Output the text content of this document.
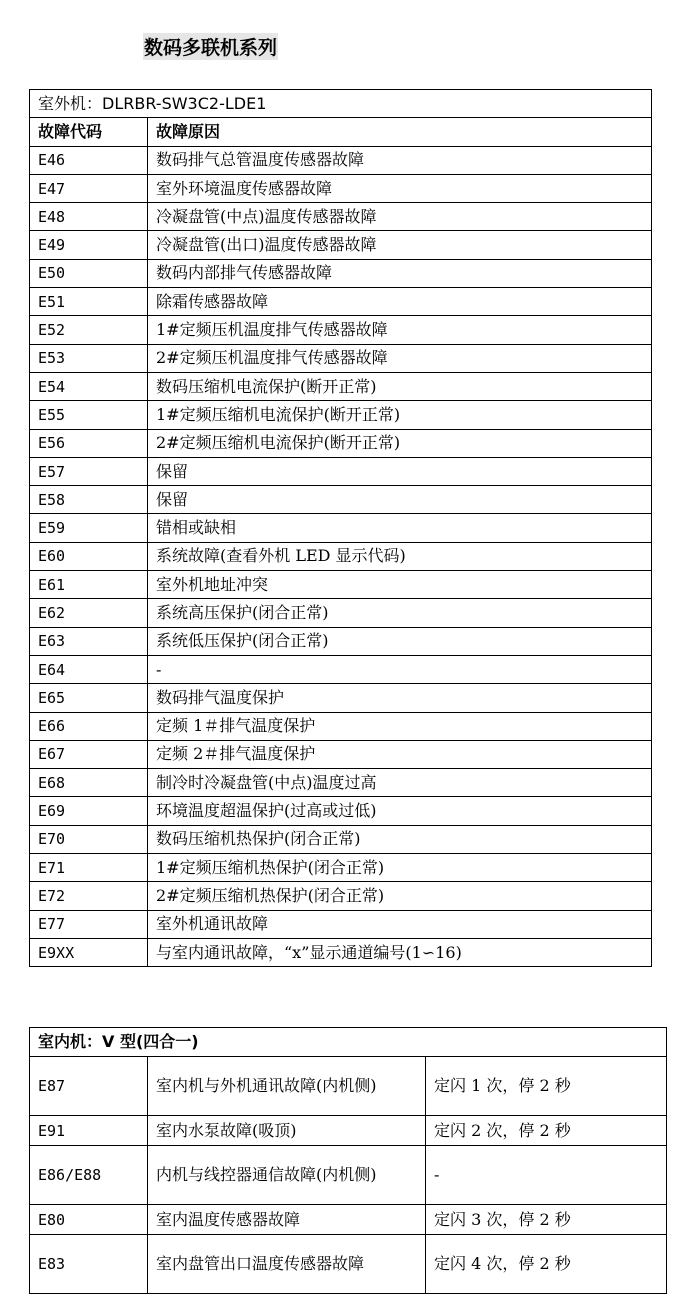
数码多联机系列
室外机：DLRBR-SW3C2-LDE1	
故障代码	故障原因
E46	数码排气总管温度传感器故障
E47	室外环境温度传感器故障
E48	冷凝盘管(中点)温度传感器故障
E49	冷凝盘管(出口)温度传感器故障
E50	数码内部排气传感器故障
E51	除霜传感器故障
E52	1#定频压机温度排气传感器故障
E53	2#定频压机温度排气传感器故障
E54	数码压缩机电流保护(断开正常)
E55	1#定频压缩机电流保护(断开正常)
E56	2#定频压缩机电流保护(断开正常)
E57	保留
E58	保留
E59	错相或缺相
E60	系统故障(查看外机 LED 显示代码)
E61	室外机地址冲突
E62	系统高压保护(闭合正常)
E63	系统低压保护(闭合正常)
E64	-
E65	数码排气温度保护
E66	定频 1＃排气温度保护
E67	定频 2＃排气温度保护
E68	制冷时冷凝盘管(中点)温度过高
E69	环境温度超温保护(过高或过低)
E70	数码压缩机热保护(闭合正常)
E71	1#定频压缩机热保护(闭合正常)
E72	2#定频压缩机热保护(闭合正常)
E77	室外机通讯故障
E9XX	与室内通讯故障，“x”显示通道编号(1∽16)
室内机：V 型(四合一)		
E87	室内机与外机通讯故障(内机侧)	定闪 1 次，停 2 秒
E91	室内水泵故障(吸顶)	定闪 2 次，停 2 秒
E86/E88	内机与线控器通信故障(内机侧)	-
E80	室内温度传感器故障	定闪 3 次，停 2 秒
E83	室内盘管出口温度传感器故障	定闪 4 次，停 2 秒
